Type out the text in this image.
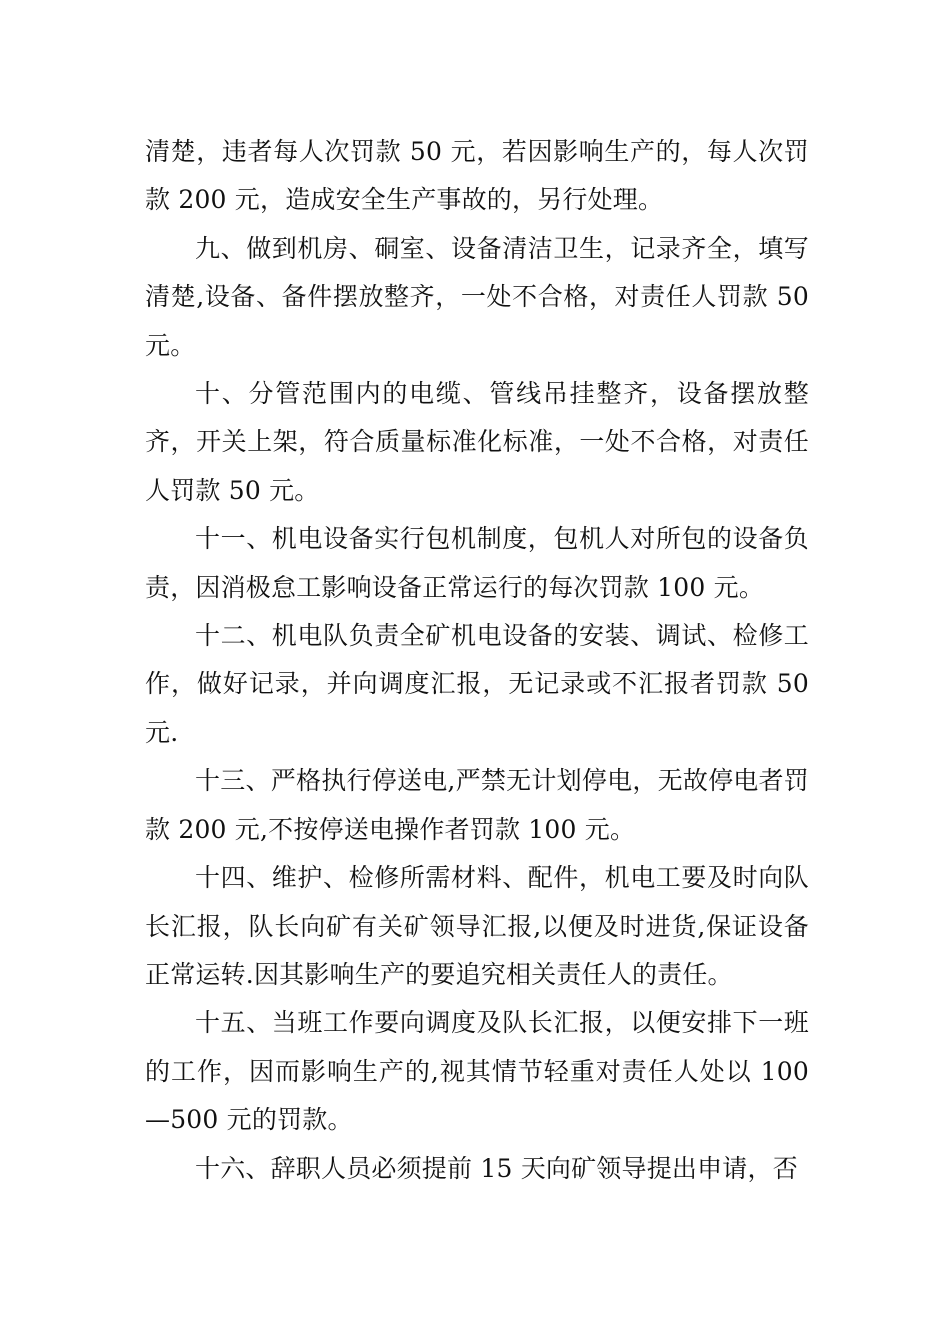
清楚，违者每人次罚款 50 元，若因影响生产的，每人次罚款 200 元，造成安全生产事故的，另行处理。

九、做到机房、硐室、设备清洁卫生，记录齐全，填写清楚,设备、备件摆放整齐，一处不合格，对责任人罚款 50 元。

十、分管范围内的电缆、管线吊挂整齐，设备摆放整齐，开关上架，符合质量标准化标准，一处不合格，对责任人罚款 50 元。

十一、机电设备实行包机制度，包机人对所包的设备负责，因消极怠工影响设备正常运行的每次罚款 100 元。

十二、机电队负责全矿机电设备的安装、调试、检修工作，做好记录，并向调度汇报，无记录或不汇报者罚款 50 元.

十三、严格执行停送电,严禁无计划停电，无故停电者罚款 200 元,不按停送电操作者罚款 100 元。

十四、维护、检修所需材料、配件，机电工要及时向队长汇报，队长向矿有关矿领导汇报,以便及时进货,保证设备正常运转.因其影响生产的要追究相关责任人的责任。

十五、当班工作要向调度及队长汇报，以便安排下一班的工作，因而影响生产的,视其情节轻重对责任人处以 100—500 元的罚款。

十六、辞职人员必须提前 15 天向矿领导提出申请，否
